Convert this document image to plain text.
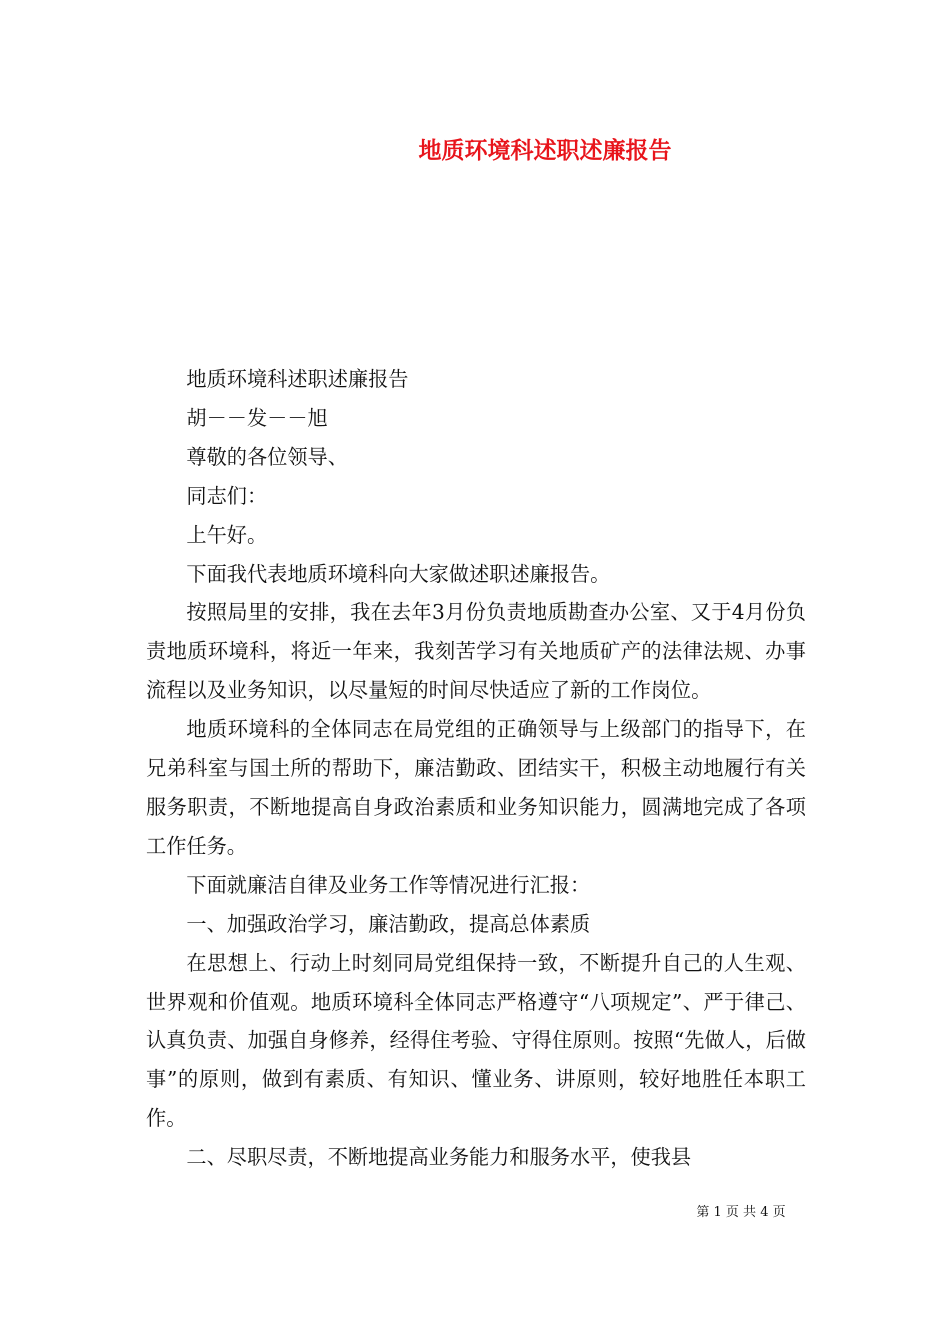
地质环境科述职述廉报告

地质环境科述职述廉报告

胡－－发－－旭

尊敬的各位领导、

同志们：

上午好。

下面我代表地质环境科向大家做述职述廉报告。

按照局里的安排，我在去年3月份负责地质勘查办公室、又于4月份负责地质环境科，将近一年来，我刻苦学习有关地质矿产的法律法规、办事流程以及业务知识，以尽量短的时间尽快适应了新的工作岗位。

地质环境科的全体同志在局党组的正确领导与上级部门的指导下，在兄弟科室与国土所的帮助下，廉洁勤政、团结实干，积极主动地履行有关服务职责，不断地提高自身政治素质和业务知识能力，圆满地完成了各项工作任务。

下面就廉洁自律及业务工作等情况进行汇报：

一、加强政治学习，廉洁勤政，提高总体素质

在思想上、行动上时刻同局党组保持一致，不断提升自己的人生观、世界观和价值观。地质环境科全体同志严格遵守“八项规定”、严于律己、认真负责、加强自身修养，经得住考验、守得住原则。按照“先做人，后做事”的原则，做到有素质、有知识、懂业务、讲原则，较好地胜任本职工作。

二、尽职尽责，不断地提高业务能力和服务水平，使我县

第 1 页 共 4 页
